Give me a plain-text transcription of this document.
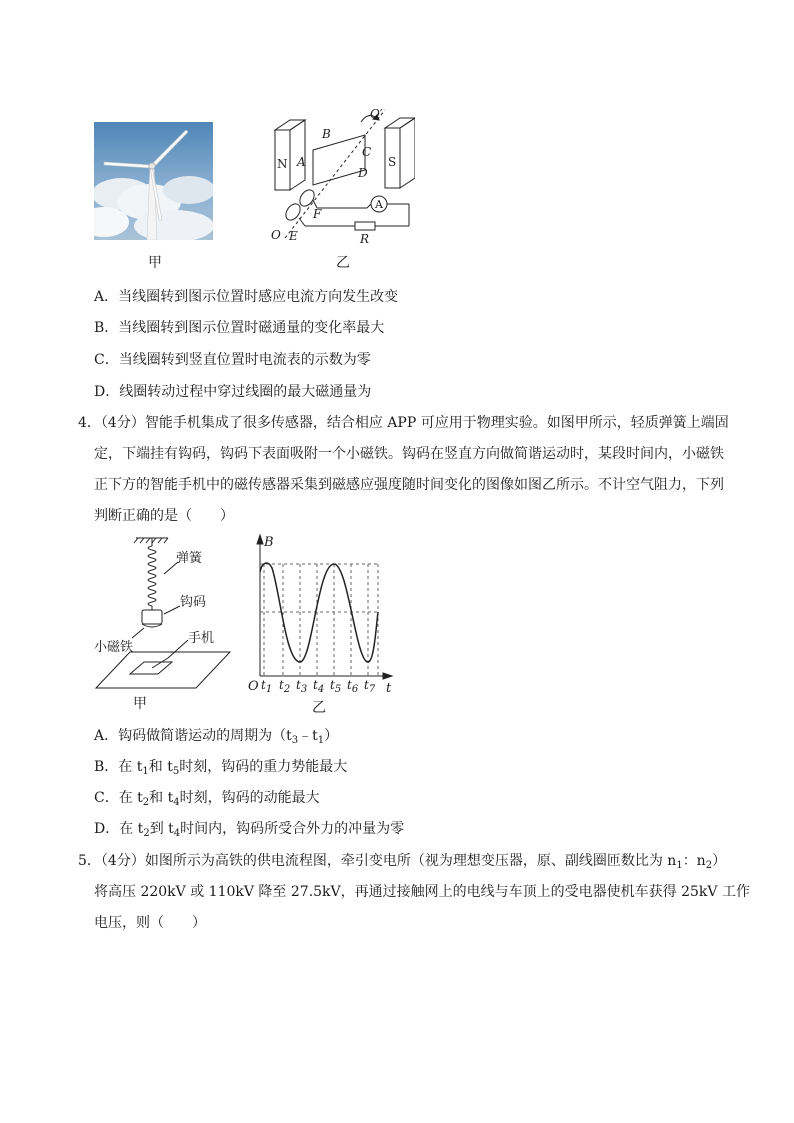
甲
O′
B
C
D
A
N	S
F
E
O
A
R
乙
A．当线圈转到图示位置时感应电流方向发生改变
B．当线圈转到图示位置时磁通量的变化率最大
C．当线圈转到竖直位置时电流表的示数为零
D．线圈转动过程中穿过线圈的最大磁通量为
4．（4分）智能手机集成了很多传感器，结合相应 APP 可应用于物理实验。如图甲所示，轻质弹簧上端固
定，下端挂有钩码，钩码下表面吸附一个小磁铁。钩码在竖直方向做简谐运动时，某段时间内，小磁铁
正下方的智能手机中的磁传感器采集到磁感应强度随时间变化的图像如图乙所示。不计空气阻力，下列
判断正确的是（　　）
弹簧
钩码
小磁铁
手机
甲
B
t
O $t_1$ $t_2$ $t_3$ $t_4$ $t_5$ $t_6$ $t_7$
乙
A．钩码做简谐运动的周期为$(t_3﹣t_1)$
B．在 $t_1$和 $t_5$时刻，钩码的重力势能最大
C．在 $t_2$和 $t_4$时刻，钩码的动能最大
D．在 $t_2$到 $t_4$时间内，钩码所受合外力的冲量为零
5．（4分）如图所示为高铁的供电流程图，牵引变电所（视为理想变压器，原、副线圈匝数比为 $n_1$：$n_2$）
将高压 220kV 或 110kV 降至 27.5kV，再通过接触网上的电线与车顶上的受电器使机车获得 25kV 工作
电压，则（　　）
